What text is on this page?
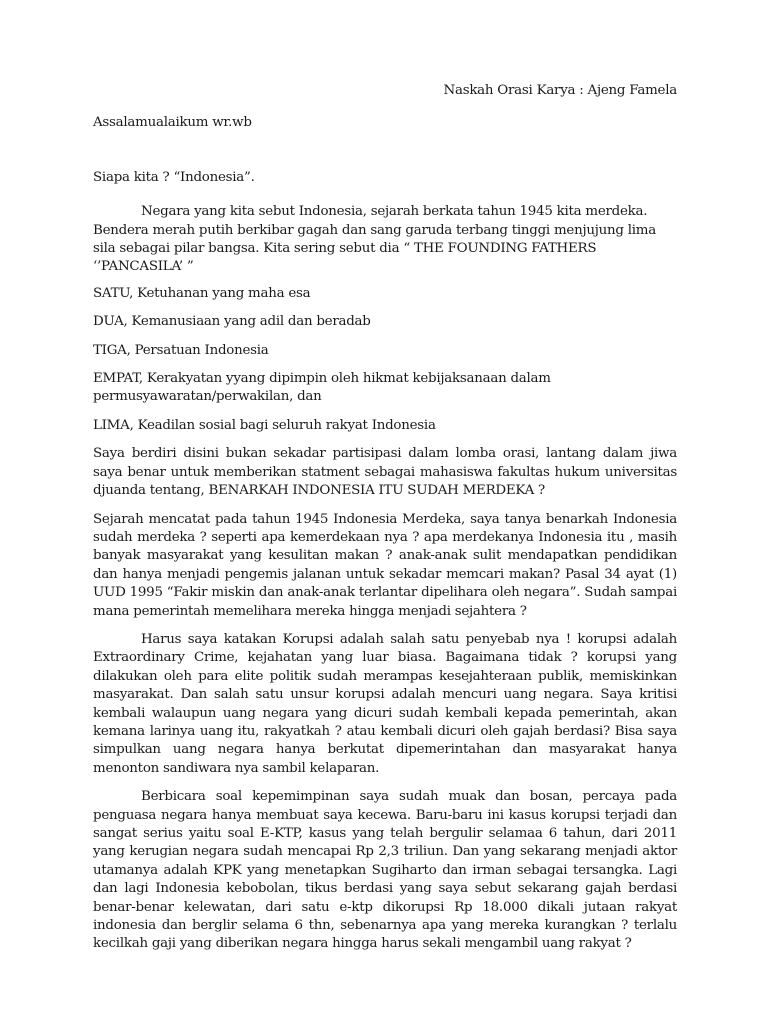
Naskah Orasi Karya : Ajeng Famela

Assalamualaikum wr.wb

Siapa kita ? “Indonesia”.

Negara yang kita sebut Indonesia, sejarah berkata tahun 1945 kita merdeka. Bendera merah putih berkibar gagah dan sang garuda terbang tinggi menjujung lima sila sebagai pilar bangsa. Kita sering sebut dia “ THE FOUNDING FATHERS ‘’PANCASILA’ ”

SATU, Ketuhanan yang maha esa

DUA, Kemanusiaan yang adil dan beradab

TIGA, Persatuan Indonesia

EMPAT, Kerakyatan yyang dipimpin oleh hikmat kebijaksanaan dalam permusyawaratan/perwakilan, dan

LIMA, Keadilan sosial bagi seluruh rakyat Indonesia

Saya berdiri disini bukan sekadar partisipasi dalam lomba orasi, lantang dalam jiwa saya benar untuk memberikan statment sebagai mahasiswa fakultas hukum universitas djuanda tentang, BENARKAH INDONESIA ITU SUDAH MERDEKA ?

Sejarah mencatat pada tahun 1945 Indonesia Merdeka, saya tanya benarkah Indonesia sudah merdeka ? seperti apa kemerdekaan nya ? apa merdekanya Indonesia itu , masih banyak masyarakat yang kesulitan makan ? anak-anak sulit mendapatkan pendidikan dan hanya menjadi pengemis jalanan untuk sekadar memcari makan? Pasal 34 ayat (1) UUD 1995 “Fakir miskin dan anak-anak terlantar dipelihara oleh negara”. Sudah sampai mana pemerintah memelihara mereka hingga menjadi sejahtera ?

Harus saya katakan Korupsi adalah salah satu penyebab nya ! korupsi adalah Extraordinary Crime, kejahatan yang luar biasa. Bagaimana tidak ? korupsi yang dilakukan oleh para elite politik sudah merampas kesejahteraan publik, memiskinkan masyarakat. Dan salah satu unsur korupsi adalah mencuri uang negara. Saya kritisi kembali walaupun uang negara yang dicuri sudah kembali kepada pemerintah, akan kemana larinya uang itu, rakyatkah ? atau kembali dicuri oleh gajah berdasi? Bisa saya simpulkan uang negara hanya berkutat dipemerintahan dan masyarakat hanya menonton sandiwara nya sambil kelaparan.

Berbicara soal kepemimpinan saya sudah muak dan bosan, percaya pada penguasa negara hanya membuat saya kecewa. Baru-baru ini kasus korupsi terjadi dan sangat serius yaitu soal E-KTP, kasus yang telah bergulir selamaa 6 tahun, dari 2011 yang kerugian negara sudah mencapai Rp 2,3 triliun. Dan yang sekarang menjadi aktor utamanya adalah KPK yang menetapkan Sugiharto dan irman sebagai tersangka. Lagi dan lagi Indonesia kebobolan, tikus berdasi yang saya sebut sekarang gajah berdasi benar-benar kelewatan, dari satu e-ktp dikorupsi Rp 18.000 dikali jutaan rakyat indonesia dan berglir selama 6 thn, sebenarnya apa yang mereka kurangkan ? terlalu kecilkah gaji yang diberikan negara hingga harus sekali mengambil uang rakyat ?
